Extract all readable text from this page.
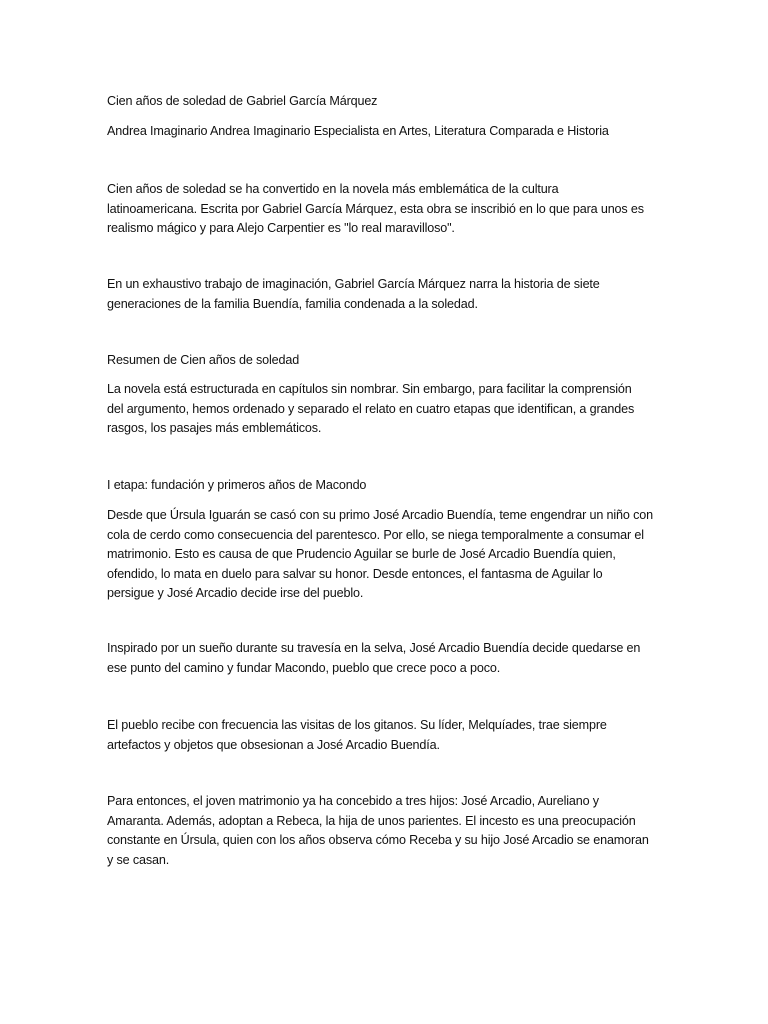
Cien años de soledad de Gabriel García Márquez
Andrea Imaginario Andrea Imaginario Especialista en Artes, Literatura Comparada e Historia
Cien años de soledad se ha convertido en la novela más emblemática de la cultura
latinoamericana. Escrita por Gabriel García Márquez, esta obra se inscribió en lo que para unos es
realismo mágico y para Alejo Carpentier es "lo real maravilloso".
En un exhaustivo trabajo de imaginación, Gabriel García Márquez narra la historia de siete
generaciones de la familia Buendía, familia condenada a la soledad.
Resumen de Cien años de soledad
La novela está estructurada en capítulos sin nombrar. Sin embargo, para facilitar la comprensión
del argumento, hemos ordenado y separado el relato en cuatro etapas que identifican, a grandes
rasgos, los pasajes más emblemáticos.
I etapa: fundación y primeros años de Macondo
Desde que Úrsula Iguarán se casó con su primo José Arcadio Buendía, teme engendrar un niño con
cola de cerdo como consecuencia del parentesco. Por ello, se niega temporalmente a consumar el
matrimonio. Esto es causa de que Prudencio Aguilar se burle de José Arcadio Buendía quien,
ofendido, lo mata en duelo para salvar su honor. Desde entonces, el fantasma de Aguilar lo
persigue y José Arcadio decide irse del pueblo.
Inspirado por un sueño durante su travesía en la selva, José Arcadio Buendía decide quedarse en
ese punto del camino y fundar Macondo, pueblo que crece poco a poco.
El pueblo recibe con frecuencia las visitas de los gitanos. Su líder, Melquíades, trae siempre
artefactos y objetos que obsesionan a José Arcadio Buendía.
Para entonces, el joven matrimonio ya ha concebido a tres hijos: José Arcadio, Aureliano y
Amaranta. Además, adoptan a Rebeca, la hija de unos parientes. El incesto es una preocupación
constante en Úrsula, quien con los años observa cómo Receba y su hijo José Arcadio se enamoran
y se casan.
